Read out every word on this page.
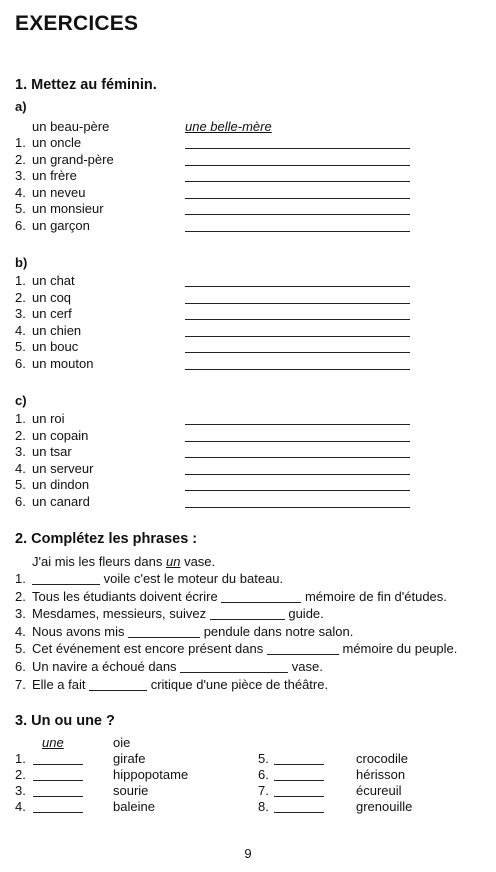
EXERCICES
1. Mettez au féminin.
a)
un beau-père	une belle-mère
1. un oncle
2. un grand-père
3. un frère
4. un neveu
5. un monsieur
6. un garçon
b)
1. un chat
2. un coq
3. un cerf
4. un chien
5. un bouc
6. un mouton
c)
1. un roi
2. un copain
3. un tsar
4. un serveur
5. un dindon
6. un canard
2. Complétez les phrases :
J'ai mis les fleurs dans un vase.
1.	voile c'est le moteur du bateau.
2. Tous les étudiants doivent écrire	mémoire de fin d'études.
3. Mesdames, messieurs, suivez	guide.
4. Nous avons mis	pendule dans notre salon.
5. Cet événement est encore présent dans	mémoire du peuple.
6. Un navire a échoué dans	vase.
7. Elle a fait	critique d'une pièce de théâtre.
3. Un ou une ?
une	oie
1.	girafe
2.	hippopotame
3.	sourie
4.	baleine
5.	crocodile
6.	hérisson
7.	écureuil
8.	grenouille
9
